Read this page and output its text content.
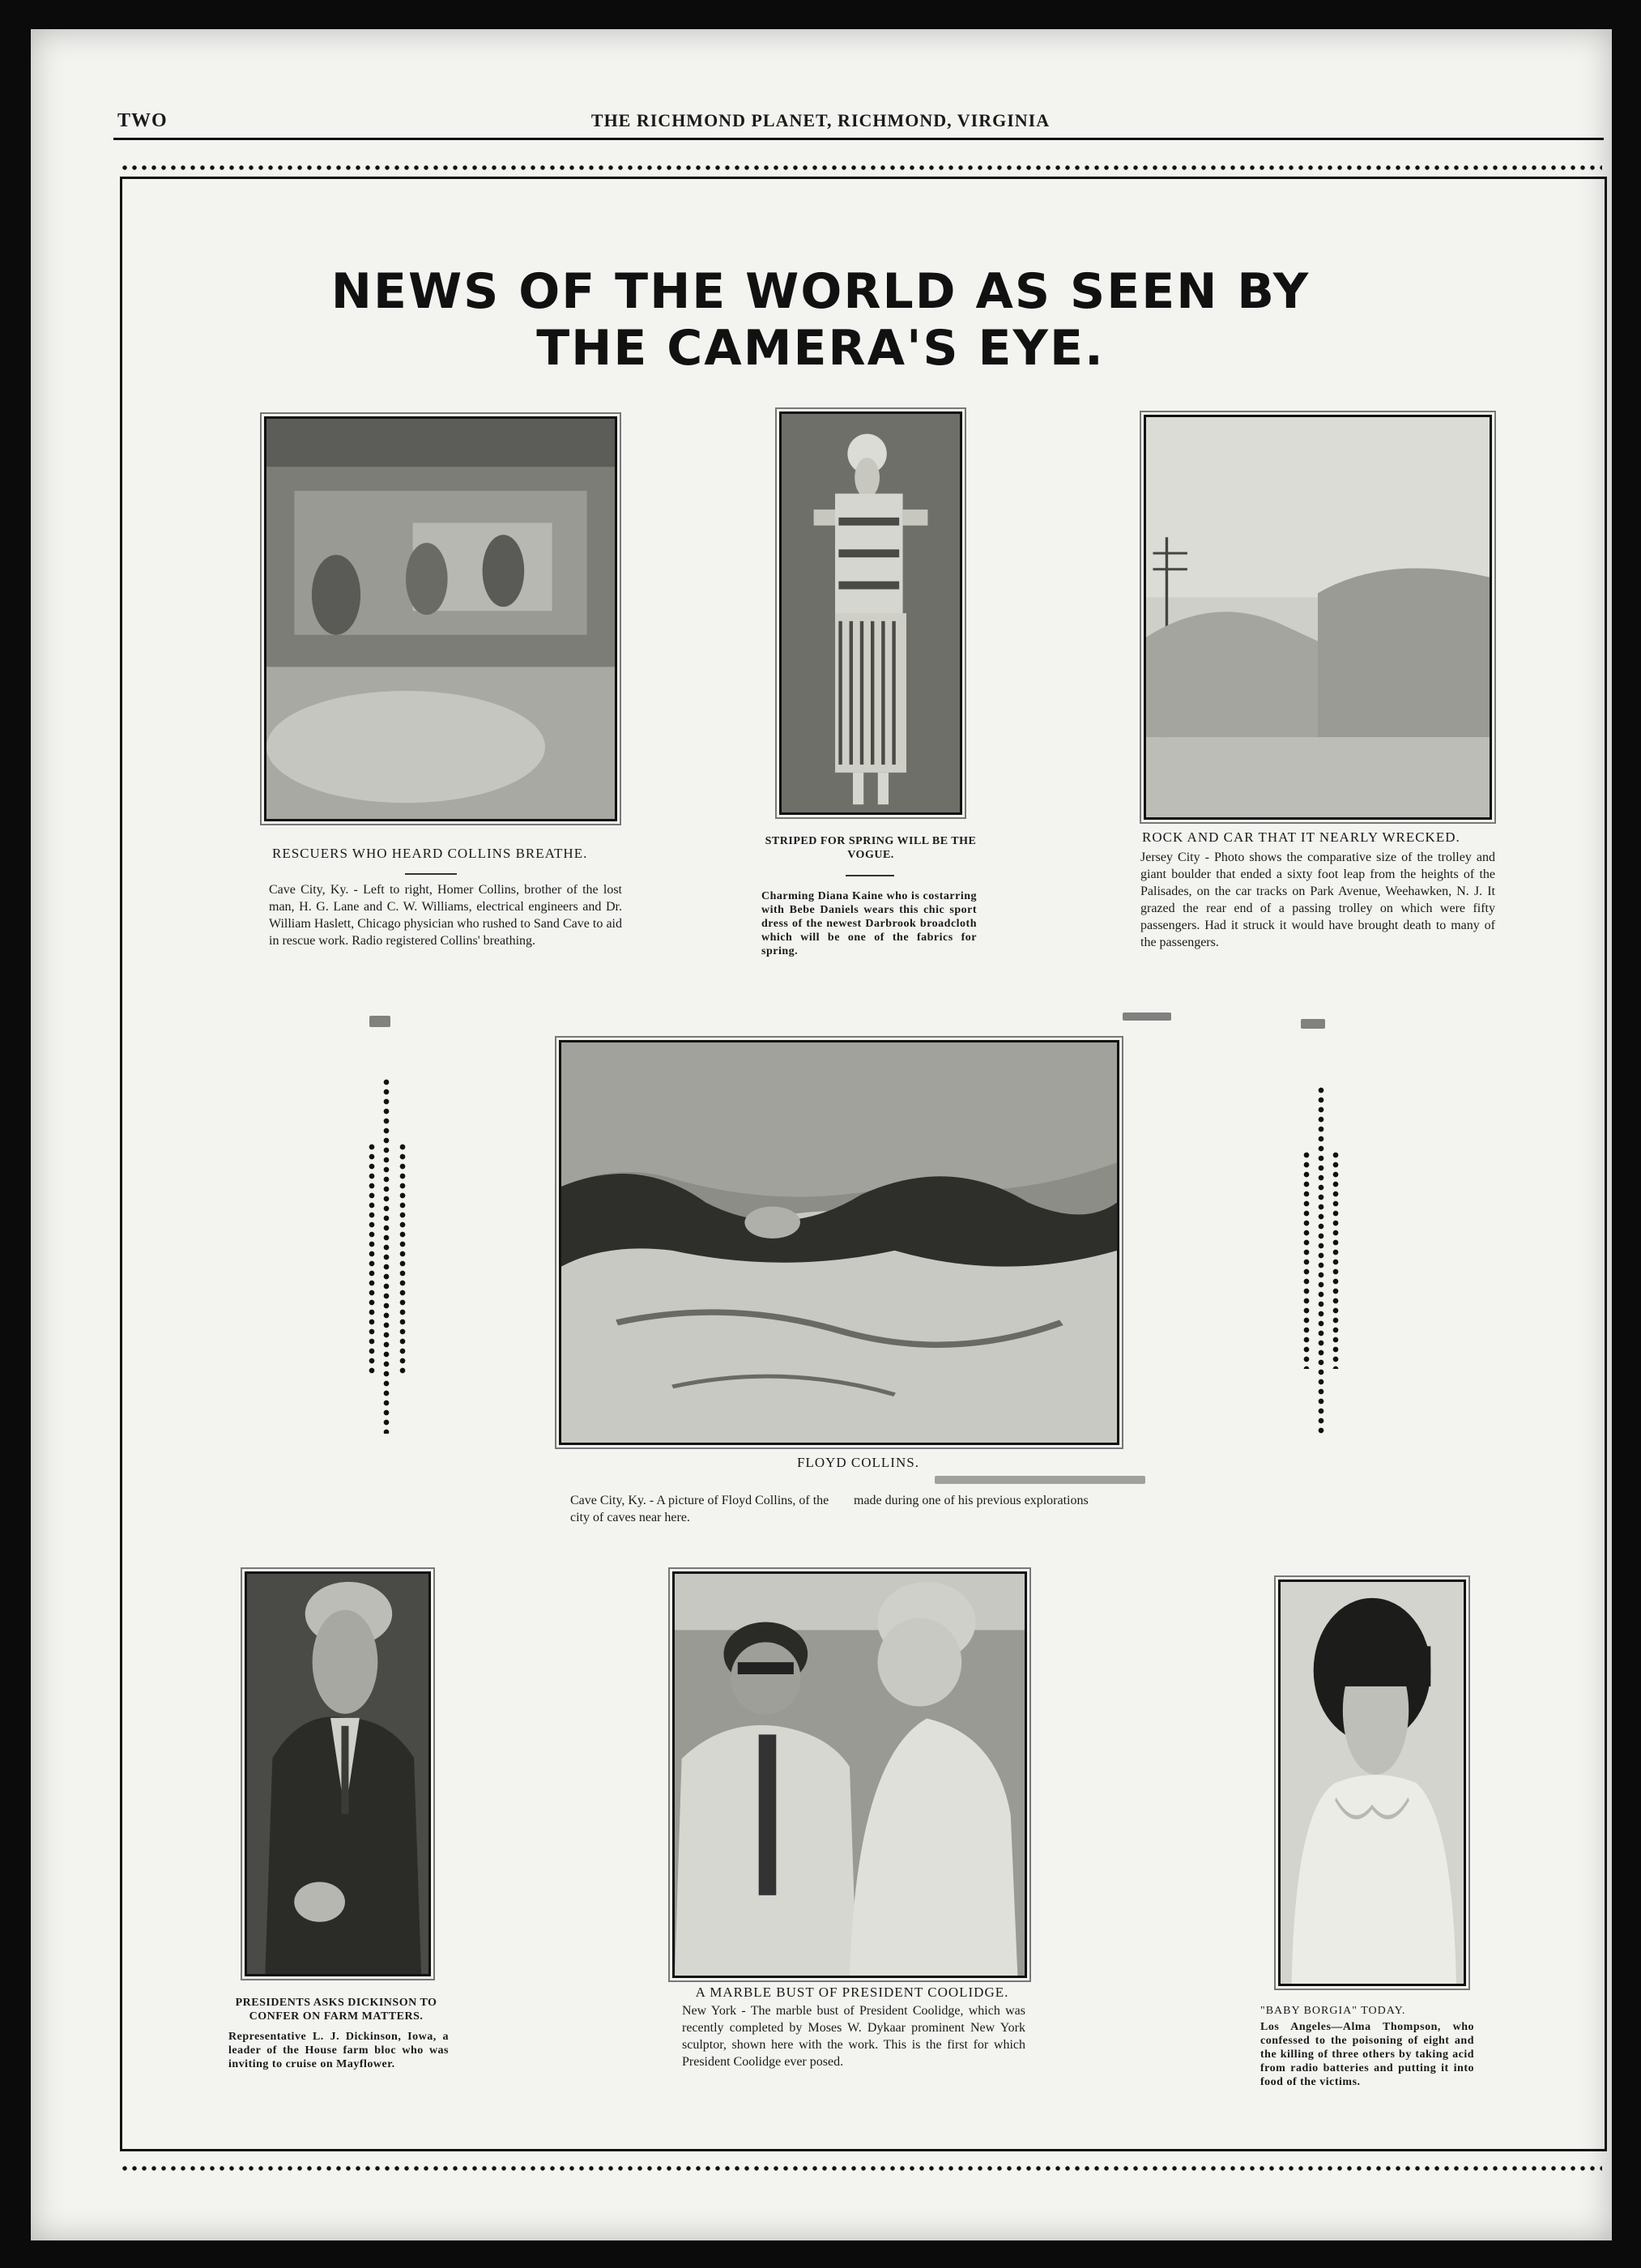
TWO	THE RICHMOND PLANET, RICHMOND, VIRGINIA
NEWS OF THE WORLD AS SEEN BY
THE CAMERA'S EYE.
RESCUERS WHO HEARD COLLINS BREATHE.
Cave City, Ky. - Left to right, Homer Collins, brother of the lost man, H. G. Lane and C. W. Williams, electrical engineers and Dr. William Haslett, Chicago physician who rushed to Sand Cave to aid in rescue work. Radio registered Collins' breathing.
STRIPED FOR SPRING WILL BE THE VOGUE.
Charming Diana Kaine who is costarring with Bebe Daniels wears this chic sport dress of the newest Darbrook broadcloth which will be one of the fabrics for spring.
ROCK AND CAR THAT IT NEARLY WRECKED.
Jersey City - Photo shows the comparative size of the trolley and giant boulder that ended a sixty foot leap from the heights of the Palisades, on the car tracks on Park Avenue, Weehawken, N. J. It grazed the rear end of a passing trolley on which were fifty passengers. Had it struck it would have brought death to many of the passengers.
FLOYD COLLINS.
Cave City, Ky. - A picture of Floyd Collins, of the city of caves near here.
made during one of his previous explorations
PRESIDENTS ASKS DICKINSON TO CONFER ON FARM MATTERS.
Representative L. J. Dickinson, Iowa, a leader of the House farm bloc who was inviting to cruise on Mayflower.
A MARBLE BUST OF PRESIDENT COOLIDGE.
New York - The marble bust of President Coolidge, which was recently completed by Moses W. Dykaar prominent New York sculptor, shown here with the work. This is the first for which President Coolidge ever posed.
"BABY BORGIA" TODAY.
Los Angeles—Alma Thompson, who confessed to the poisoning of eight and the killing of three others by taking acid from radio batteries and putting it into food of the victims.
